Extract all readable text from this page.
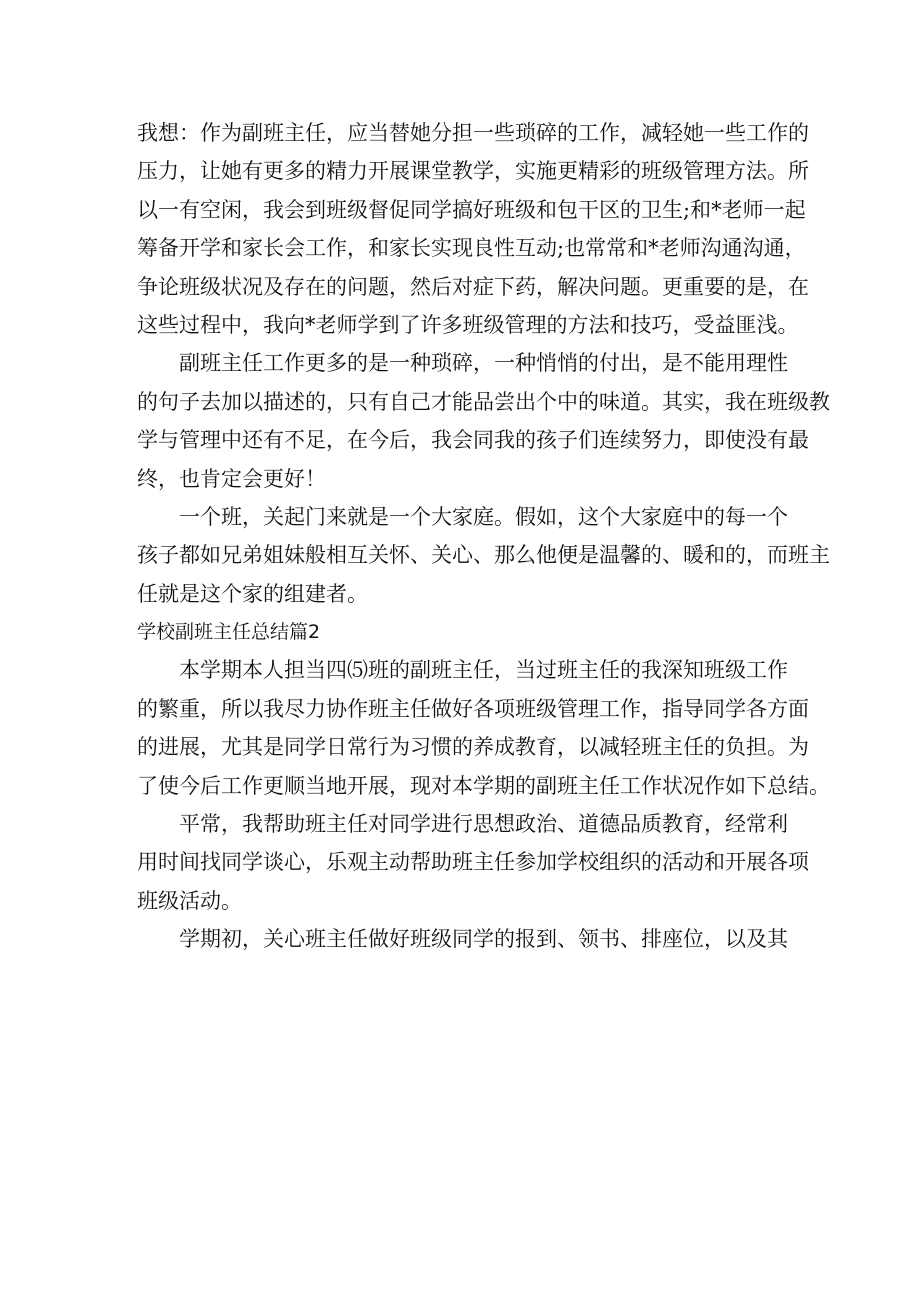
我想：作为副班主任，应当替她分担一些琐碎的工作，减轻她一些工作的

压力，让她有更多的精力开展课堂教学，实施更精彩的班级管理方法。所

以一有空闲，我会到班级督促同学搞好班级和包干区的卫生;和*老师一起

筹备开学和家长会工作，和家长实现良性互动;也常常和*老师沟通沟通，

争论班级状况及存在的问题，然后对症下药，解决问题。更重要的是，在

这些过程中，我向*老师学到了许多班级管理的方法和技巧，受益匪浅。

副班主任工作更多的是一种琐碎，一种悄悄的付出，是不能用理性

的句子去加以描述的，只有自己才能品尝出个中的味道。其实，我在班级教

学与管理中还有不足，在今后，我会同我的孩子们连续努力，即使没有最

终，也肯定会更好！

一个班，关起门来就是一个大家庭。假如，这个大家庭中的每一个

孩子都如兄弟姐妹般相互关怀、关心、那么他便是温馨的、暖和的，而班主

任就是这个家的组建者。

学校副班主任总结篇2

本学期本人担当四⑸班的副班主任，当过班主任的我深知班级工作

的繁重，所以我尽力协作班主任做好各项班级管理工作，指导同学各方面

的进展，尤其是同学日常行为习惯的养成教育，以减轻班主任的负担。为

了使今后工作更顺当地开展，现对本学期的副班主任工作状况作如下总结。

平常，我帮助班主任对同学进行思想政治、道德品质教育，经常利

用时间找同学谈心，乐观主动帮助班主任参加学校组织的活动和开展各项

班级活动。

学期初，关心班主任做好班级同学的报到、领书、排座位，以及其
